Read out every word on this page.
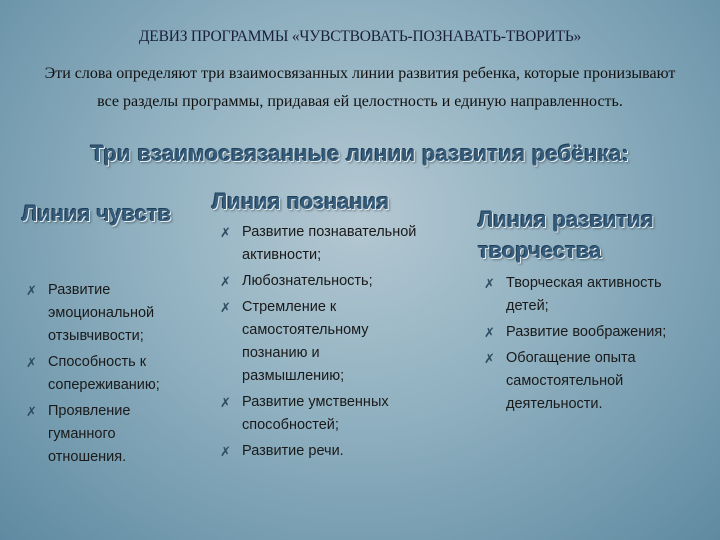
ДЕВИЗ ПРОГРАММЫ «ЧУВСТВОВАТЬ-ПОЗНАВАТЬ-ТВОРИТЬ»
Эти слова определяют три взаимосвязанных линии развития ребенка, которые пронизывают все разделы программы, придавая ей целостность и единую направленность.
Три взаимосвязанные линии развития ребёнка:
Линия чувств
✗ Развитие эмоциональной отзывчивости;
✗ Способность к сопереживанию;
✗ Проявление гуманного отношения.
Линия познания
✗ Развитие познавательной активности;
✗ Любознательность;
✗ Стремление к самостоятельному познанию и размышлению;
✗ Развитие умственных способностей;
✗ Развитие речи.
Линия развития творчества
✗ Творческая активность детей;
✗ Развитие воображения;
✗ Обогащение опыта самостоятельной деятельности.
